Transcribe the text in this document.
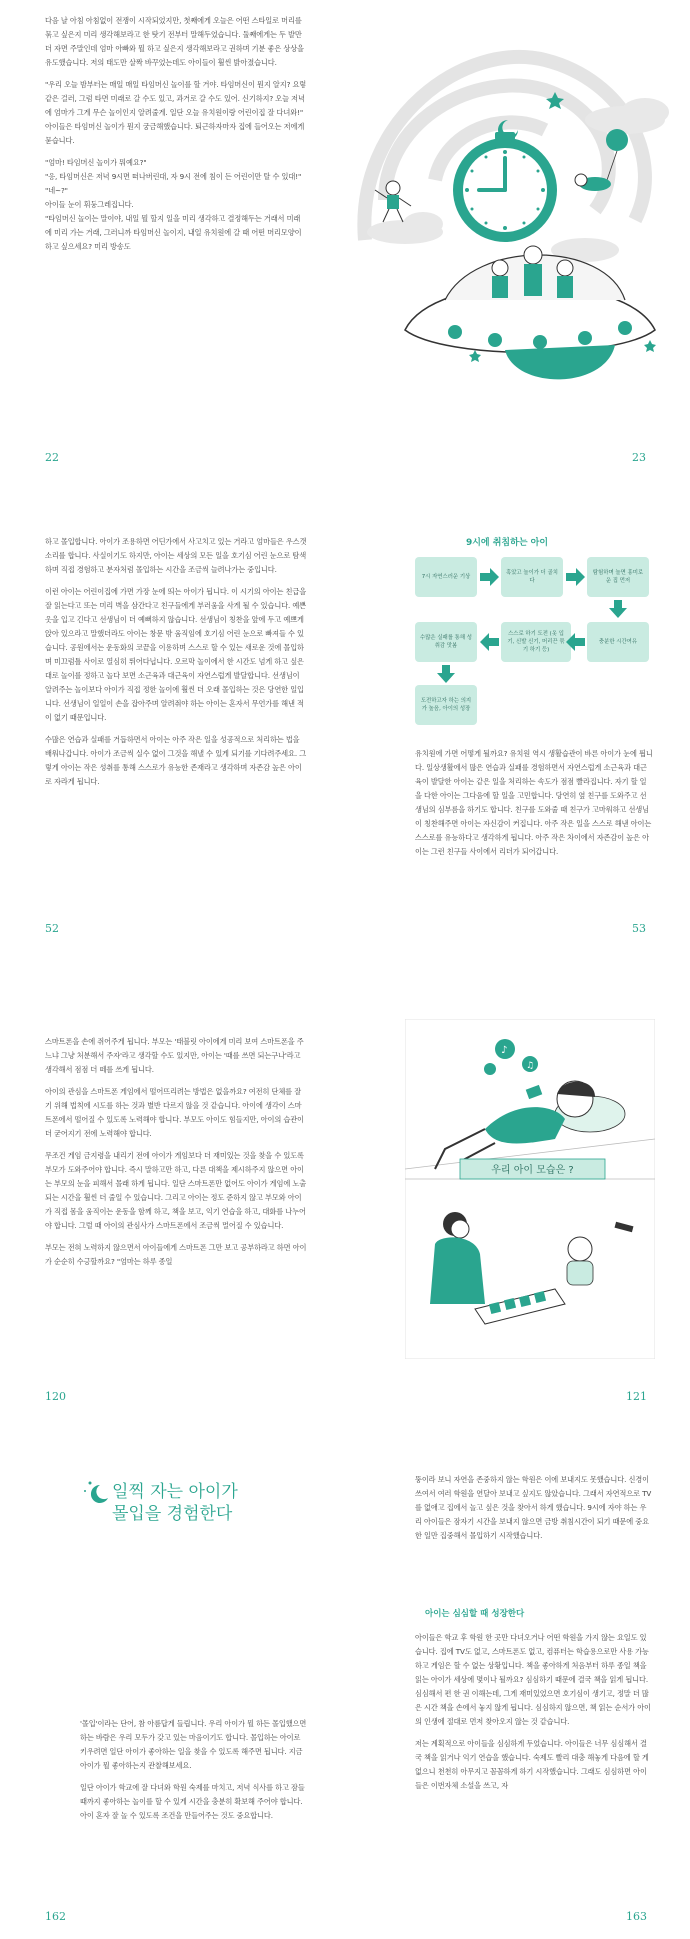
다음 날 아침 아침없이 전쟁이 시작되었지만, 첫째에게 오늘은 어떤 스타일로 머리를 묶고 싶은지 미리 생각해보라고 한 탓기 전부터 말해두었습니다. 둘째에게는 두 발만 더 자면 주말인데 엄마 아빠와 뭘 하고 싶은지 생각해보라고 권하며 기분 좋은 상상을 유도했습니다. 저의 태도만 살짝 바꾸었는데도 아이들이 훨씬 밝아졌습니다.

"우리 오늘 밤부터는 매일 매일 타임머신 놀이를 할 거야. 타임머신이 뭔지 알지? 요렇 같은 걸러, 그럼 타면 미래로 갈 수도 있고, 과거로 갈 수도 있어. 신기하지? 오늘 저녁에 엄마가 그게 무슨 놀이인지 알려줄게. 일단 오늘 유치원이랑 어린이집 잘 다녀와!"

아이들은 타임머신 놀이가 뭔지 궁금해했습니다. 퇴근하자마자 집에 들어오는 저에게 묻습니다.

"엄마! 타임머신 놀이가 뭐예요?"

"응, 타임머신은 저녁 9시면 떠나버린대, 자 9시 전에 침이 든 어린이만 탈 수 있대!"

"네~?"

아이들 눈이 휘둥그레집니다.

"타임머신 놀이는 말이야, 내일 뭘 할지 일을 미리 생각하고 결정해두는 거래서 미래에 미리 가는 거래, 그러니까 타임머신 놀이지, 내일 유치원에 갈 때 어떤 머리모양이 하고 싶으세요? 미리 방송도

22	23

하고 몰입합니다. 아이가 조용하면 어딘가에서 사고치고 있는 거라고 엄마들은 우스갯소리를 합니다. 사실이기도 하지만, 아이는 세상의 모든 일을 호기심 어린 눈으로 탐색하며 직접 경험하고 분자처럼 몰입하는 시간을 조금씩 늘려나가는 중입니다.

이런 아이는 어린이집에 가면 가장 눈에 띄는 아이가 됩니다. 이 시기의 아이는 친급을 잘 읽는다고 또는 미리 벽을 삼간다고 친구들에게 부러움을 사게 될 수 있습니다. 예쁜 옷을 입고 긴다고 선생님이 더 예뻐하지 않습니다. 선생님이 칭찬을 앞에 두고 예쁘게 앉아 있으라고 말했더라도 아이는 창문 밖 움직임에 호기심 어린 눈으로 빠져들 수 있습니다. 공원에서는 운동화의 코끝을 이용하며 스스로 할 수 있는 새로운 것에 몰입하며 미끄럼틀 사이로 열심히 뛰어다닙니다. 오르막 놀이에서 한 시간도 넘게 하고 싶은 대로 놀이를 정하고 놀다 보면 소근육과 대근육이 자연스럽게 발달합니다. 선생님이 알려주는 놀이보다 아이가 직접 정한 놀이에 훨씬 더 오래 몰입하는 것은 당연한 일입니다. 선생님이 일일이 손을 잡아주며 알려줘야 하는 아이는 혼자서 무언가를 해낸 적이 없기 때문입니다.

수많은 연습과 실패를 거듭하면서 아이는 아주 작은 일을 성공적으로 처리하는 법을 배워나갑니다. 아이가 조금씩 실수 없이 그것을 해낼 수 있게 되기를 기다려주세요. 그렇게 아이는 작은 성취를 통해 스스로가 유능한 존재라고 생각하며 자존감 높은 아이로 자라게 됩니다.

52
9시에 취침하는 아이
7시 자연스러운 기상
혹았고 놀이가 더 골치다
탐험하며 놀면 흥미로운 집 먼저
충분한 시간여유
스스로 하기 도전 (옷 입기, 신발 신기, 머리끈 묶기 하기 등)
수많은 실패를 통해 성취감 맛봄
도전하고자 하는 의지가 높음, 아이의 성장

유치원에 가면 어떻게 될까요? 유치원 역시 생활습관이 바른 아이가 눈에 띕니다. 일상생활에서 많은 연습과 실패를 경험하면서 자연스럽게 소근육과 대근육이 발달한 아이는 같은 일을 처리하는 속도가 점점 빨라집니다. 자기 할 일을 다한 아이는 그다음에 할 일을 고민합니다. 당연히 옆 친구를 도와주고 선생님의 심부름을 하기도 합니다. 친구를 도와줄 때 친구가 고마워하고 선생님이 칭찬해주면 아이는 자신감이 커집니다. 아주 작은 일을 스스로 해낸 아이는 스스로를 유능하다고 생각하게 됩니다. 아주 작은 차이에서 자존감이 높은 아이는 그런 친구들 사이에서 리더가 되어갑니다.

53

스마트폰을 손에 쥐어주게 됩니다. 부모는 '태블릿 아이에게 미리 보여 스마트폰을 주느냐 그냥 처분해서 주자'라고 생각할 수도 있지만, 아이는 '때를 쓰면 되는구나'라고 생각해서 점점 더 떼를 쓰게 됩니다.

아이의 관심을 스마트폰 게임에서 떨어뜨리려는 방법은 없을까요? 여전히 단체를 잘기 위해 법칙에 시도를 하는 것과 별반 다르지 않을 것 같습니다. 아이에 생각이 스마트폰에서 떨어질 수 있도록 노력해야 합니다. 부모도 아이도 힘들지만, 아이의 습관이 더 굳어지기 전에 노력해야 합니다.

무조건 게임 금지령을 내리기 전에 아이가 게임보다 더 재미있는 것을 찾을 수 있도록 부모가 도와주어야 합니다. 즉시 말하고만 하고, 다른 대책을 제시하주지 않으면 아이는 부모의 눈을 피해서 몰래 하게 됩니다. 일단 스마트폰만 없어도 아이가 게임에 노출되는 시간을 훨씬 더 줄일 수 있습니다. 그리고 아이는 정도 준하지 않고 부모와 아이가 직접 몸을 움직이는 운동을 함께 하고, 책을 보고, 익기 연습을 하고, 대화를 나누어야 합니다. 그럴 때 아이의 관심사가 스마트폰에서 조금씩 멀어질 수 있습니다.

부모는 전혀 노력하지 않으면서 아이들에게 스마트폰 그만 보고 공부하라고 하면 아이가 순순히 수긍할까요? "엄마는 하루 종일

120
♪
♫
우리 아이 모습은 ?
121
일찍 자는 아이가
몰입을 경험한다

'몰입'이라는 단어, 참 아름답게 들립니다. 우리 아이가 뭘 하든 몰입했으면 하는 바람은 우리 모두가 갖고 있는 마음이기도 합니다. 몰입하는 아이로 키우려면 일단 아이가 좋아하는 일을 찾을 수 있도록 해주면 됩니다. 지금 아이가 뭘 좋아하는지 관찰해보세요.

일단 아이가 학교에 잘 다녀와 학원 숙제를 마치고, 저녁 식사를 하고 잠들 때까지 좋아하는 놀이를 할 수 있게 시간을 충분히 확보해 주어야 합니다. 아이 혼자 잘 놀 수 있도록 조건을 만들어주는 것도 중요합니다.

162

뚱이라 보니 자연을 존중하지 않는 학원은 이에 보내지도 못했습니다. 신경이 쓰여서 여러 학원을 연달아 보내고 싶지도 않았습니다. 그래서 자연적으로 TV를 없애고 집에서 놀고 싶은 것을 찾아서 하게 했습니다. 9시에 자야 하는 우리 아이들은 잠자기 시간을 보내지 않으면 금방 취침시간이 되기 때문에 중요한 일만 집중해서 몰입하기 시작했습니다.

아이는 심심할 때 성장한다

아이들은 학교 후 학원 한 곳만 다녀오거나 어떤 학원을 가지 않는 요일도 있습니다. 집에 TV도 없고, 스마트폰도 없고, 컴퓨터는 학습용으로만 사용 가능하고 게임은 할 수 없는 상황입니다. 책을 좋아하게 처음부터 하루 종일 책을 읽는 아이가 세상에 몇이나 될까요? 심심하기 때문에 결국 책을 읽게 됩니다. 심심해서 편 한 권 이해는데, 그게 재미있었으면 호기심이 생기고, 정말 더 많은 시간 책을 손에서 놓지 않게 됩니다. 심심하지 않으면, 책 읽는 순서가 아이의 인생에 절대로 먼저 찾아오지 않는 것 같습니다.

저는 계획적으로 아이들을 심심하게 두었습니다. 아이들은 너무 심심해서 결국 책을 읽거나 익기 연습을 했습니다. 숙제도 빨리 대충 해놓게 다음에 할 게 없으니 천천히 아무지고 꼼꼼하게 하기 시작했습니다. 그래도 심심하면 아이들은 이번자체 소설을 쓰고, 자

163
